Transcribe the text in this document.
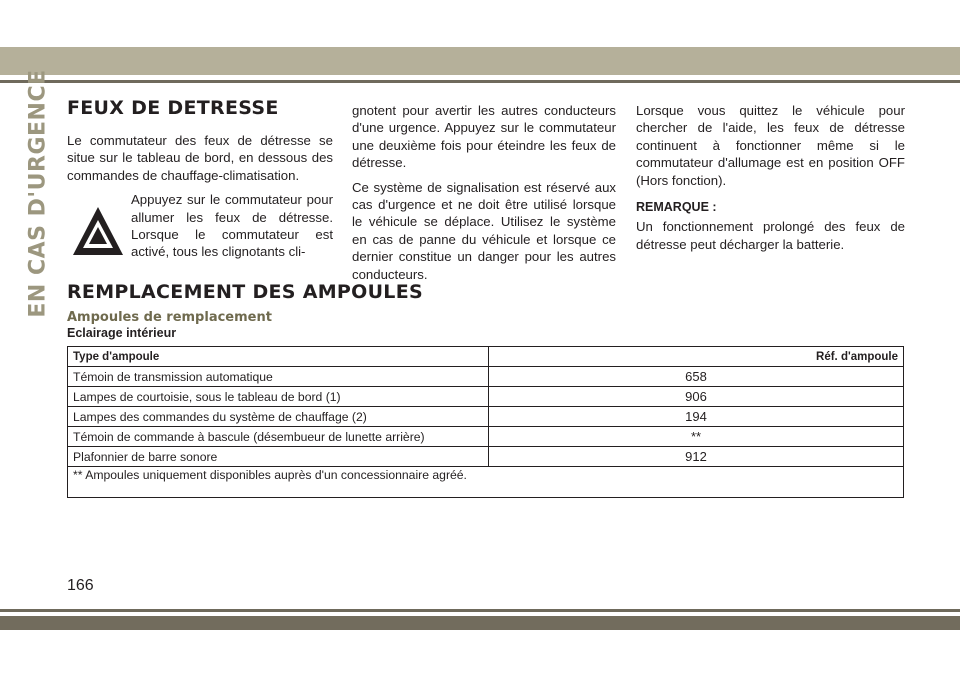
EN CAS D'URGENCE FEUX DE DETRESSE

Le commutateur des feux de détresse se situe sur le tableau de bord, en dessous des commandes de chauffage-climatisation.

Appuyez sur le commutateur pour allumer les feux de détresse. Lorsque le commutateur est activé, tous les clignotants cli-

gnotent pour avertir les autres conducteurs d'une urgence. Appuyez sur le commutateur une deuxième fois pour éteindre les feux de détresse.

Ce système de signalisation est réservé aux cas d'urgence et ne doit être utilisé lorsque le véhicule se déplace. Utilisez le système en cas de panne du véhicule et lorsque ce dernier constitue un danger pour les autres conducteurs.

Lorsque vous quittez le véhicule pour chercher de l'aide, les feux de détresse continuent à fonctionner même si le commutateur d'allumage est en position OFF (Hors fonction).

REMARQUE :

Un fonctionnement prolongé des feux de détresse peut décharger la batterie.

REMPLACEMENT DES AMPOULES
Ampoules de remplacement
Eclairage intérieur
Type d'ampoule	Réf. d'ampoule
Témoin de transmission automatique	658
Lampes de courtoisie, sous le tableau de bord (1)	906
Lampes des commandes du système de chauffage (2)	194
Témoin de commande à bascule (désembueur de lunette arrière)	**
Plafonnier de barre sonore	912
** Ampoules uniquement disponibles auprès d'un concessionnaire agréé.	
166
